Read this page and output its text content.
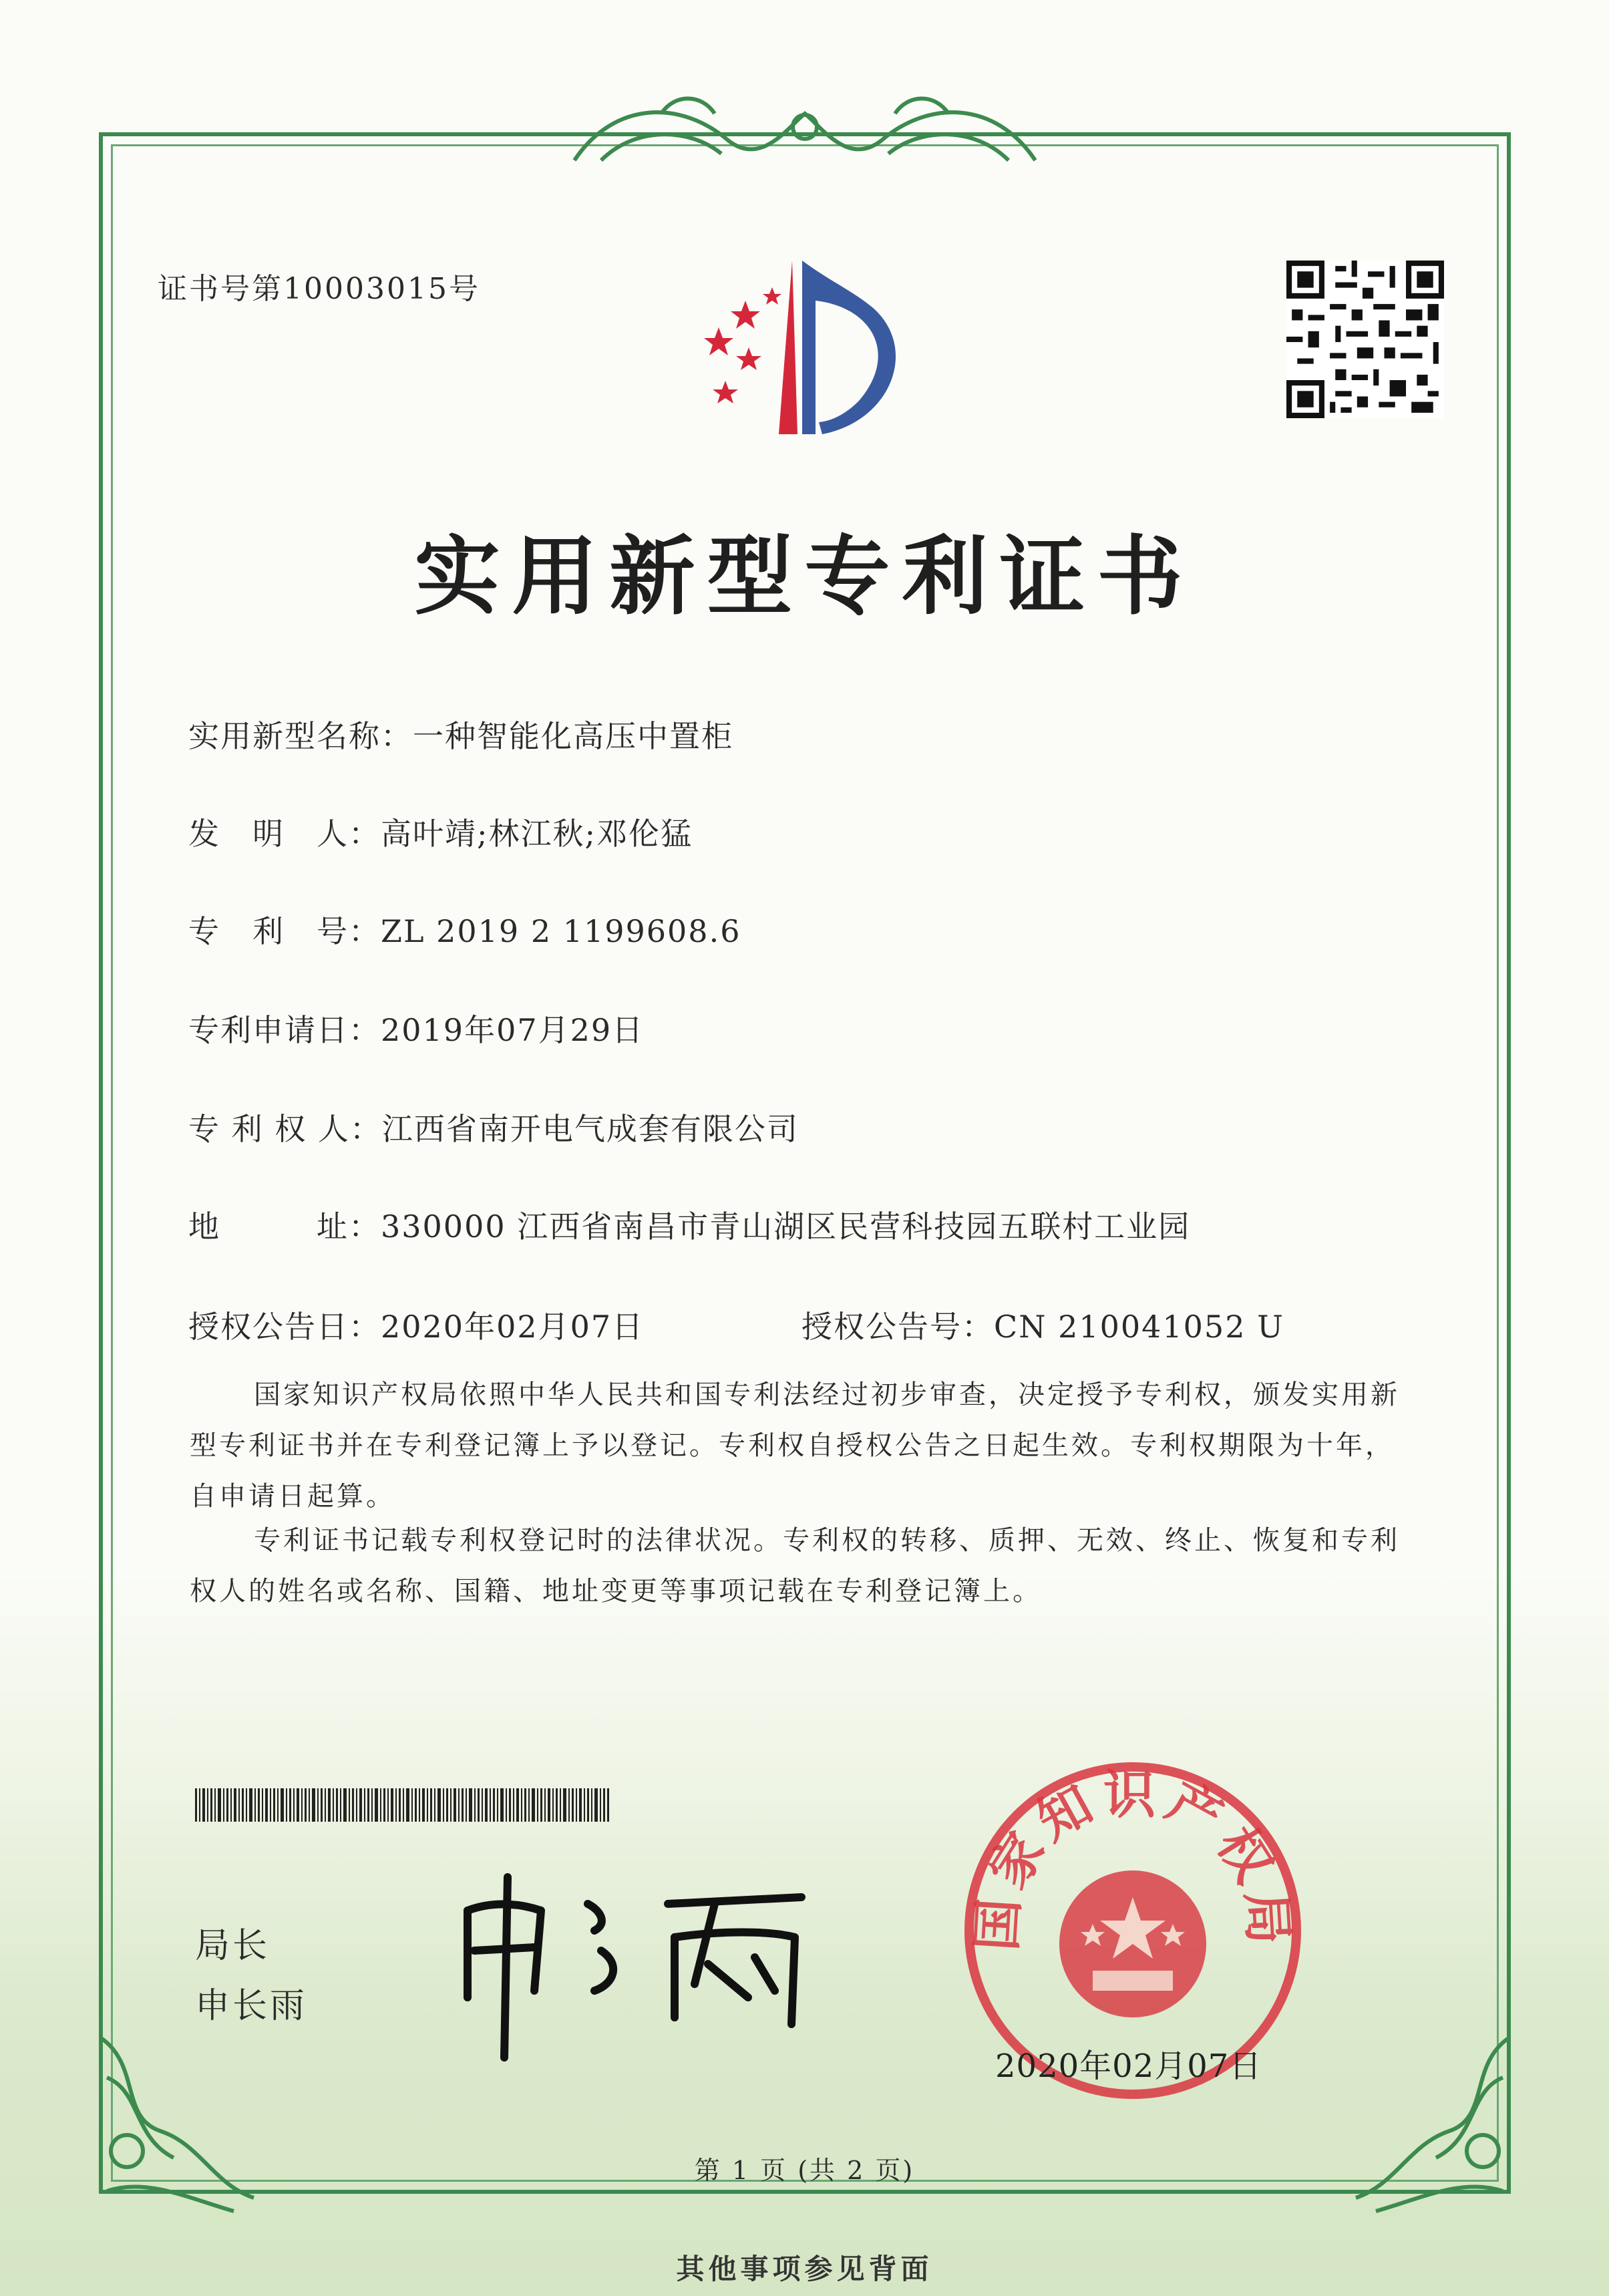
证书号第10003015号
实用新型专利证书
实用新型名称：一种智能化高压中置柜
发　明　人：高叶靖;林江秋;邓伦猛
专　利　号：ZL 2019 2 1199608.6
专利申请日：2019年07月29日
专 利 权 人：江西省南开电气成套有限公司
地　　　址：330000 江西省南昌市青山湖区民营科技园五联村工业园
授权公告日：2020年02月07日	授权公告号：CN 210041052 U
国家知识产权局依照中华人民共和国专利法经过初步审查，决定授予专利权，颁发实用新型专利证书并在专利登记簿上予以登记。专利权自授权公告之日起生效。专利权期限为十年，自申请日起算。
专利证书记载专利权登记时的法律状况。专利权的转移、质押、无效、终止、恢复和专利权人的姓名或名称、国籍、地址变更等事项记载在专利登记簿上。
局长
申长雨
国家知识产权局
2020年02月07日
第 1 页 (共 2 页)
其他事项参见背面
